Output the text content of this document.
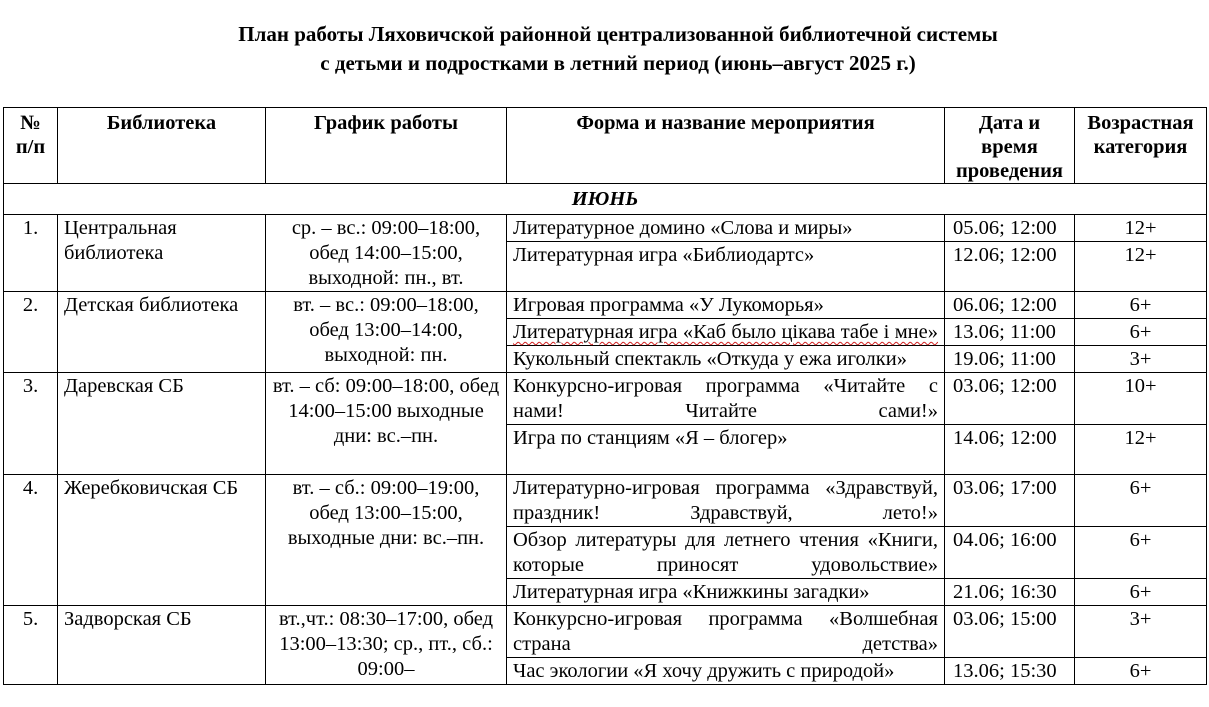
План работы Ляховичской районной централизованной библиотечной системы
с детьми и подростками в летний период (июнь–август 2025 г.)
№ п/п	Библиотека	График работы	Форма и название мероприятия	Дата и время проведения	Возрастная категория
ИЮНЬ					
1.	Центральная библиотека	ср. – вс.: 09:00–18:00, обед 14:00–15:00, выходной: пн., вт.	Литературное домино «Слова и миры»	05.06; 12:00	12+
			Литературная игра «Библиодартс»	12.06; 12:00	12+
2.	Детская библиотека	вт. – вс.: 09:00–18:00, обед 13:00–14:00, выходной: пн.	Игровая программа «У Лукоморья»	06.06; 12:00	6+
			Литературная игра «Каб было цікава табе і мне»	13.06; 11:00	6+
			Кукольный спектакль «Откуда у ежа иголки»	19.06; 11:00	3+
3.	Даревская СБ	вт. – сб: 09:00–18:00, обед 14:00–15:00 выходные дни: вс.–пн.	Конкурсно-игровая программа «Читайте с нами! Читайте сами!»	03.06; 12:00	10+
			Игра по станциям «Я – блогер»	14.06; 12:00	12+
4.	Жеребковичская СБ	вт. – сб.: 09:00–19:00, обед 13:00–15:00, выходные дни: вс.–пн.	Литературно-игровая программа «Здравствуй, праздник! Здравствуй, лето!»	03.06; 17:00	6+
			Обзор литературы для летнего чтения «Книги, которые приносят удовольствие»	04.06; 16:00	6+
			Литературная игра «Книжкины загадки»	21.06; 16:30	6+
5.	Задворская СБ	вт.,чт.: 08:30–17:00, обед 13:00–13:30; ср., пт., сб.: 09:00–	Конкурсно-игровая программа «Волшебная страна детства»	03.06; 15:00	3+
			Час экологии «Я хочу дружить с природой»	13.06; 15:30	6+
